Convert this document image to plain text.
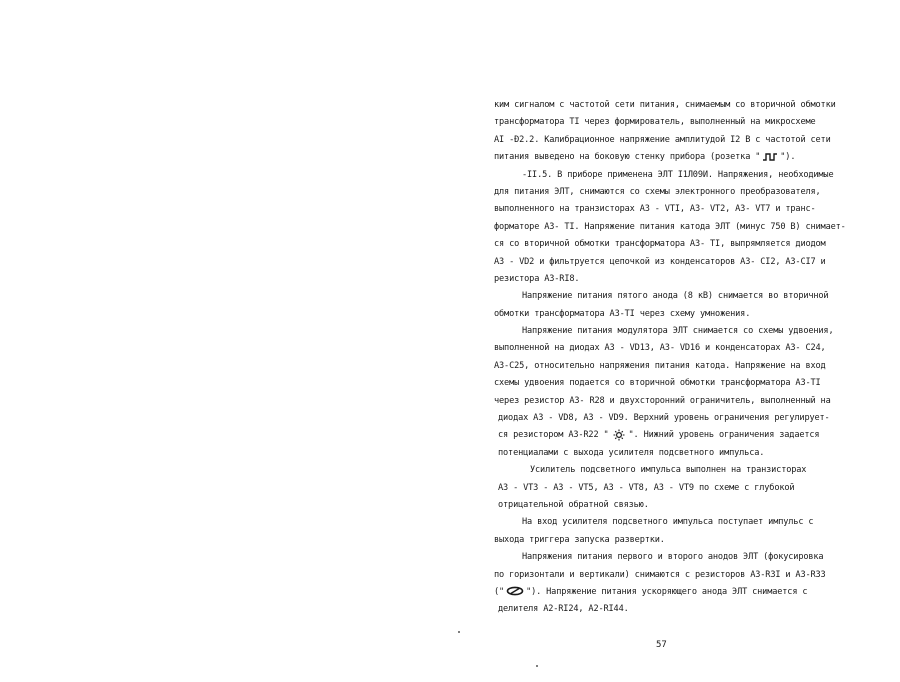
ким сигналом с частотой сети питания, снимаемым со вторичной обмотки
трансформатора ТI через формирователь, выполненный на микросхеме
АI -Ɖ2.2. Калибрационное напряжение амплитудой I2 В с частотой сети
питания выведено на боковую стенку прибора (розетка " ").
-II.5. В приборе применена ЭЛТ I1Л09И. Напряжения, необходимые
для питания ЭЛТ, снимаются со схемы электронного преобразователя,
выполненного на транзисторах А3 - VTI, А3- VT2, А3- VT7 и транс-
форматоре А3- ТI. Напряжение питания катода ЭЛТ (минус 750 В) снимает-
ся со вторичной обмотки трансформатора А3- ТI, выпрямляется диодом
А3 - VD2 и фильтруется цепочкой из конденсаторов А3- CI2, А3-CI7 и
резистора А3-RI8.
Напряжение питания пятого анода (8 кВ) снимается во вторичной
обмотки трансформатора А3-ТI через схему умножения.
Напряжение питания модулятора ЭЛТ снимается со схемы удвоения,
выполненной на диодах А3 - VD13, А3- VD16 и конденсаторах А3- C24,
А3-C25, относительно напряжения питания катода. Напряжение на вход
схемы удвоения подается со вторичной обмотки трансформатора А3-ТI
через резистор А3- R28 и двухсторонний ограничитель, выполненный на
диодах А3 - VD8, А3 - VD9. Верхний уровень ограничения регулирует-
ся резистором А3-R22 " ". Нижний уровень ограничения задается
потенциалами с выхода усилителя подсветного импульса.
Усилитель подсветного импульса выполнен на транзисторах
А3 - VT3 - А3 - VT5, А3 - VT8, А3 - VT9 по схеме с глубокой
отрицательной обратной связью.
На вход усилителя подсветного импульса поступает импульс с
выхода триггера запуска развертки.
Напряжения питания первого и второго анодов ЭЛТ (фокусировка
по горизонтали и вертикали) снимаются с резисторов А3-R3I и А3-R33
("	"). Напряжение питания ускоряющего анода ЭЛТ снимается с
делителя А2-RI24, А2-RI44.
57
